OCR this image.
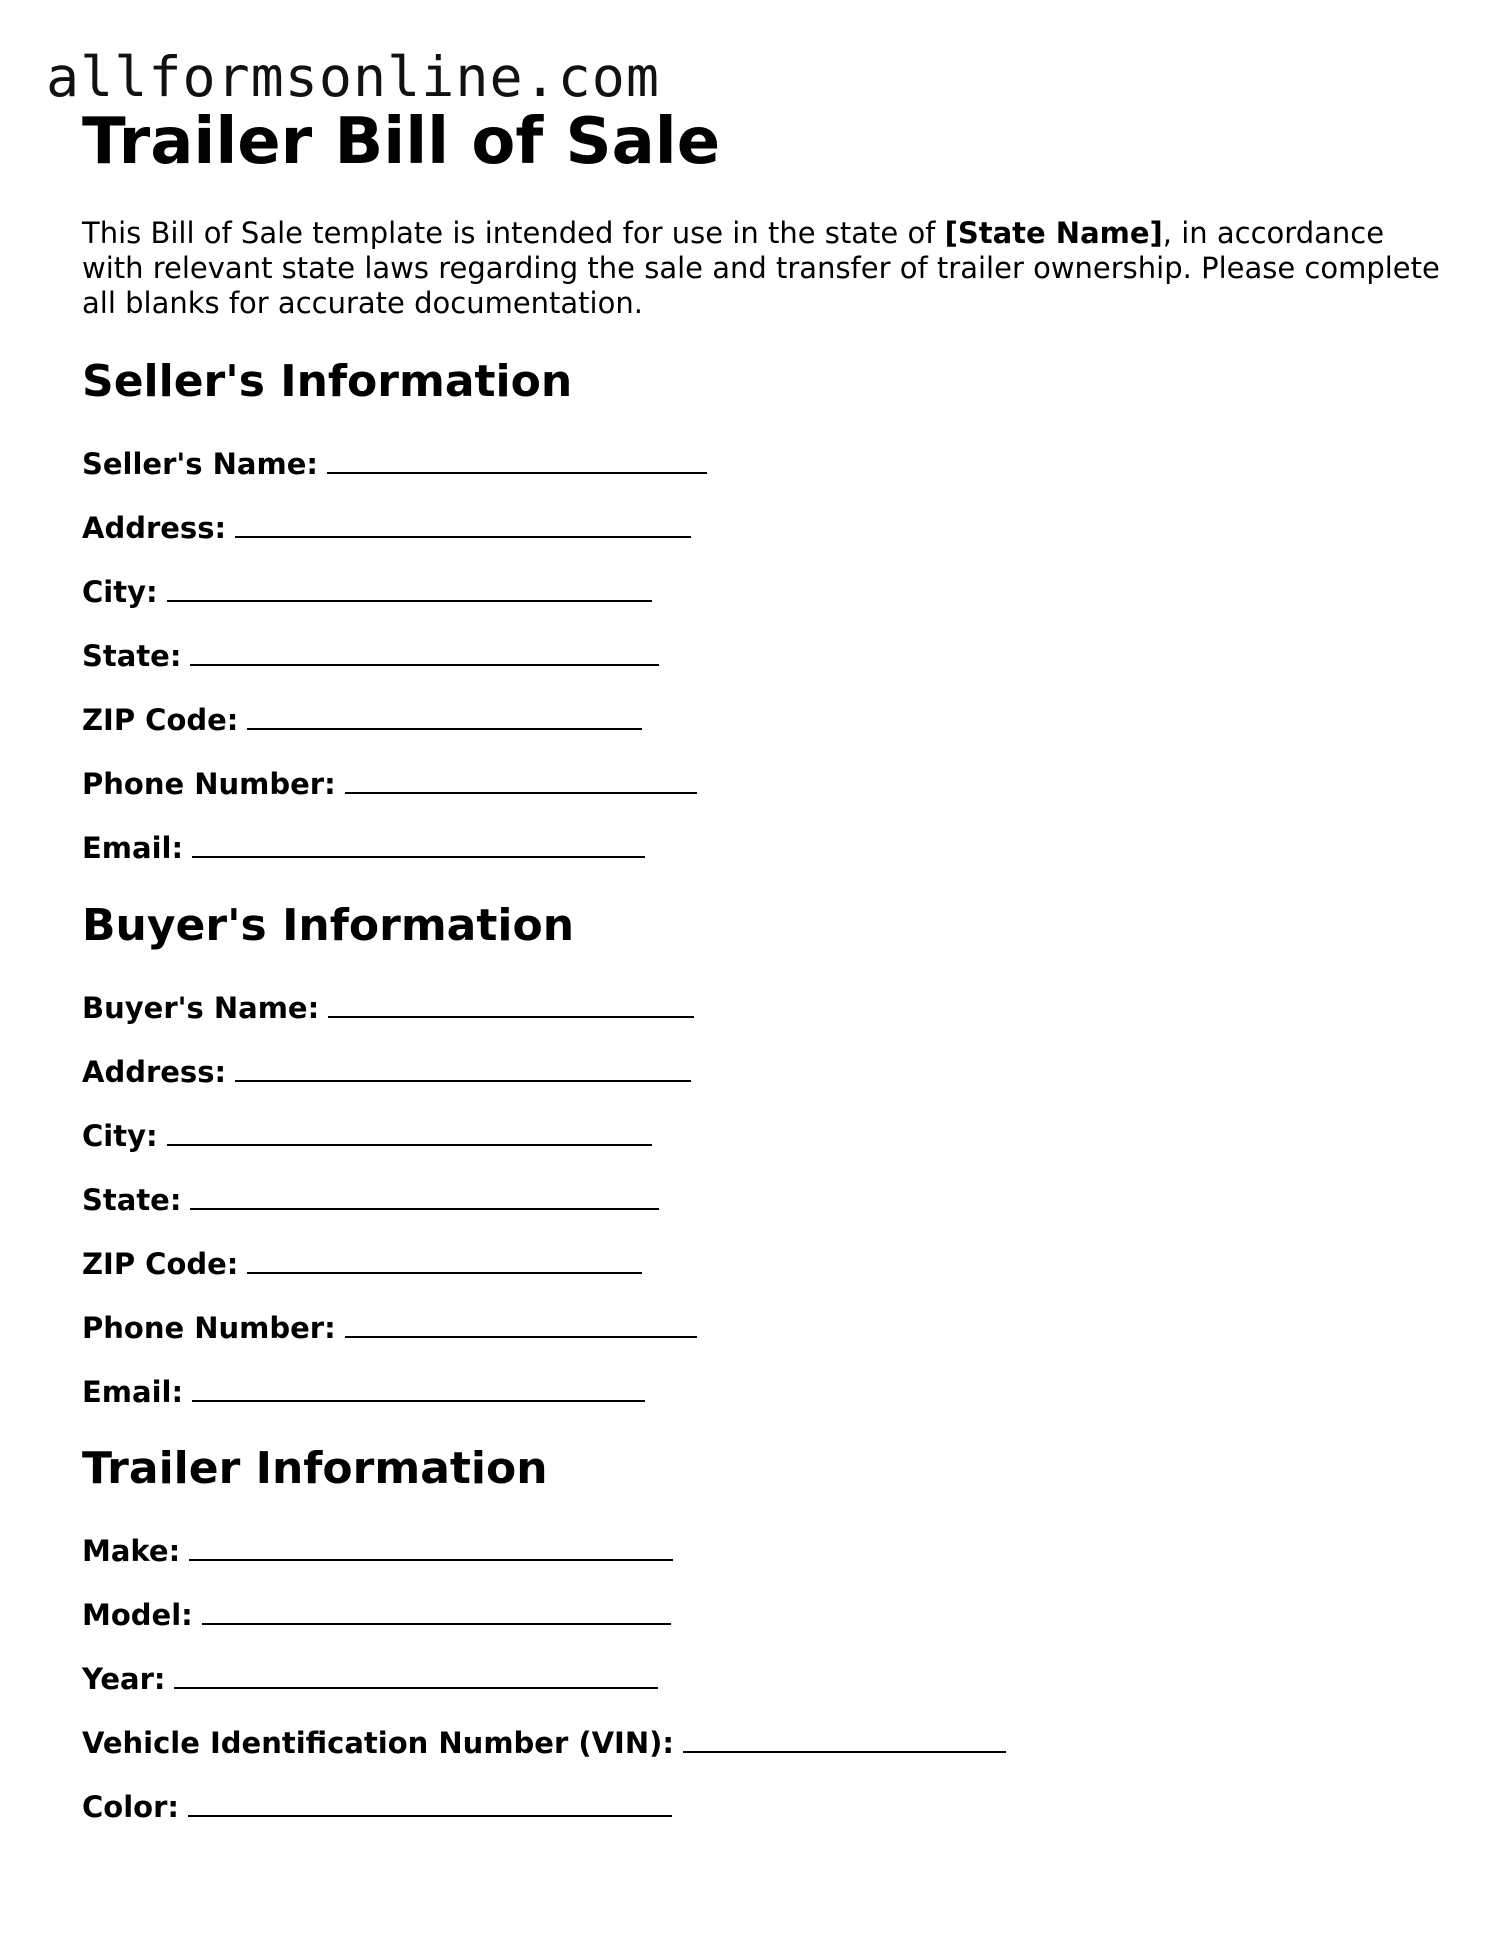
allformsonline.com
Trailer Bill of Sale

This Bill of Sale template is intended for use in the state of [State Name], in accordance with relevant state laws regarding the sale and transfer of trailer ownership. Please complete all blanks for accurate documentation.

Seller's Information
Seller's Name:
Address:
City:
State:
ZIP Code:
Phone Number:
Email:
Buyer's Information
Buyer's Name:
Address:
City:
State:
ZIP Code:
Phone Number:
Email:
Trailer Information
Make:
Model:
Year:
Vehicle Identification Number (VIN):
Color:
